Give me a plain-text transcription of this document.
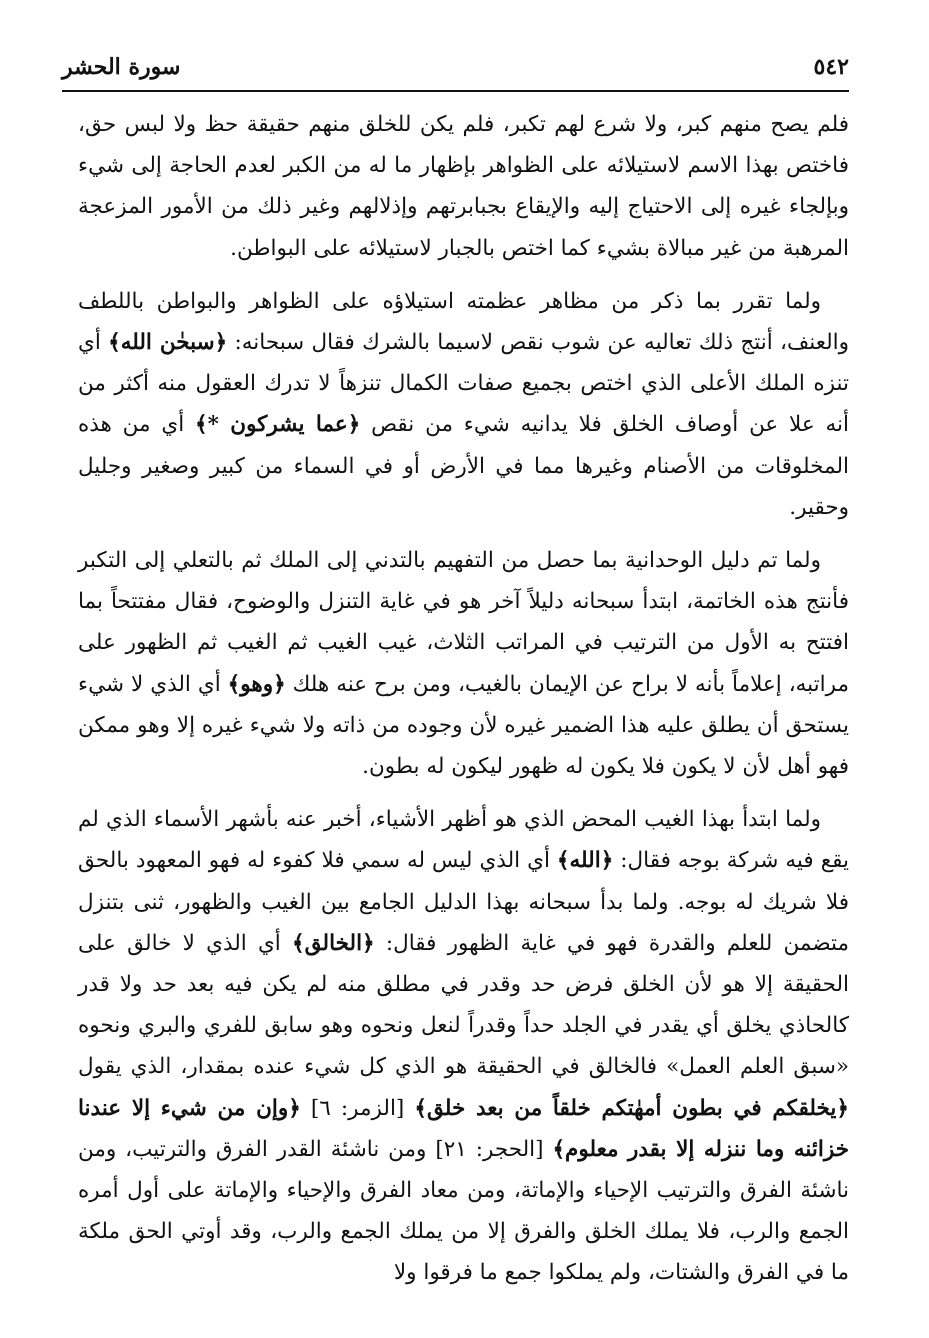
٥٤٢
سورة الحشر

فلم يصح منهم كبر، ولا شرع لهم تكبر، فلم يكن للخلق منهم حقيقة حظ ولا لبس حق، فاختص بهذا الاسم لاستيلائه على الظواهر بإظهار ما له من الكبر لعدم الحاجة إلى شيء وبإلجاء غيره إلى الاحتياج إليه والإيقاع بجبابرتهم وإذلالهم وغير ذلك من الأمور المزعجة المرهبة من غير مبالاة بشيء كما اختص بالجبار لاستيلائه على البواطن.

ولما تقرر بما ذكر من مظاهر عظمته استيلاؤه على الظواهر والبواطن باللطف والعنف، أنتج ذلك تعاليه عن شوب نقص لاسيما بالشرك فقال سبحانه: ﴿سبحٰن الله﴾ أي تنزه الملك الأعلى الذي اختص بجميع صفات الكمال تنزهاً لا تدرك العقول منه أكثر من أنه علا عن أوصاف الخلق فلا يدانيه شيء من نقص ﴿عما يشركون *﴾ أي من هذه المخلوقات من الأصنام وغيرها مما في الأرض أو في السماء من كبير وصغير وجليل وحقير.

ولما تم دليل الوحدانية بما حصل من التفهيم بالتدني إلى الملك ثم بالتعلي إلى التكبر فأنتج هذه الخاتمة، ابتدأ سبحانه دليلاً آخر هو في غاية التنزل والوضوح، فقال مفتتحاً بما افتتح به الأول من الترتيب في المراتب الثلاث، غيب الغيب ثم الغيب ثم الظهور على مراتبه، إعلاماً بأنه لا براح عن الإيمان بالغيب، ومن برح عنه هلك ﴿وهو﴾ أي الذي لا شيء يستحق أن يطلق عليه هذا الضمير غيره لأن وجوده من ذاته ولا شيء غيره إلا وهو ممكن فهو أهل لأن لا يكون فلا يكون له ظهور ليكون له بطون.

ولما ابتدأ بهذا الغيب المحض الذي هو أظهر الأشياء، أخبر عنه بأشهر الأسماء الذي لم يقع فيه شركة بوجه فقال: ﴿الله﴾ أي الذي ليس له سمي فلا كفوء له فهو المعهود بالحق فلا شريك له بوجه. ولما بدأ سبحانه بهذا الدليل الجامع بين الغيب والظهور، ثنى بتنزل متضمن للعلم والقدرة فهو في غاية الظهور فقال: ﴿الخالق﴾ أي الذي لا خالق على الحقيقة إلا هو لأن الخلق فرض حد وقدر في مطلق منه لم يكن فيه بعد حد ولا قدر كالحاذي يخلق أي يقدر في الجلد حداً وقدراً لنعل ونحوه وهو سابق للفري والبري ونحوه «سبق العلم العمل» فالخالق في الحقيقة هو الذي كل شيء عنده بمقدار، الذي يقول ﴿يخلقكم في بطون أمهٰتكم خلقاً من بعد خلق﴾ [الزمر: ٦] ﴿وإن من شيء إلا عندنا خزائنه وما ننزله إلا بقدر معلوم﴾ [الحجر: ٢١] ومن ناشئة القدر الفرق والترتيب، ومن ناشئة الفرق والترتيب الإحياء والإماتة، ومن معاد الفرق والإحياء والإماتة على أول أمره الجمع والرب، فلا يملك الخلق والفرق إلا من يملك الجمع والرب، وقد أوتي الحق ملكة ما في الفرق والشتات، ولم يملكوا جمع ما فرقوا ولا
